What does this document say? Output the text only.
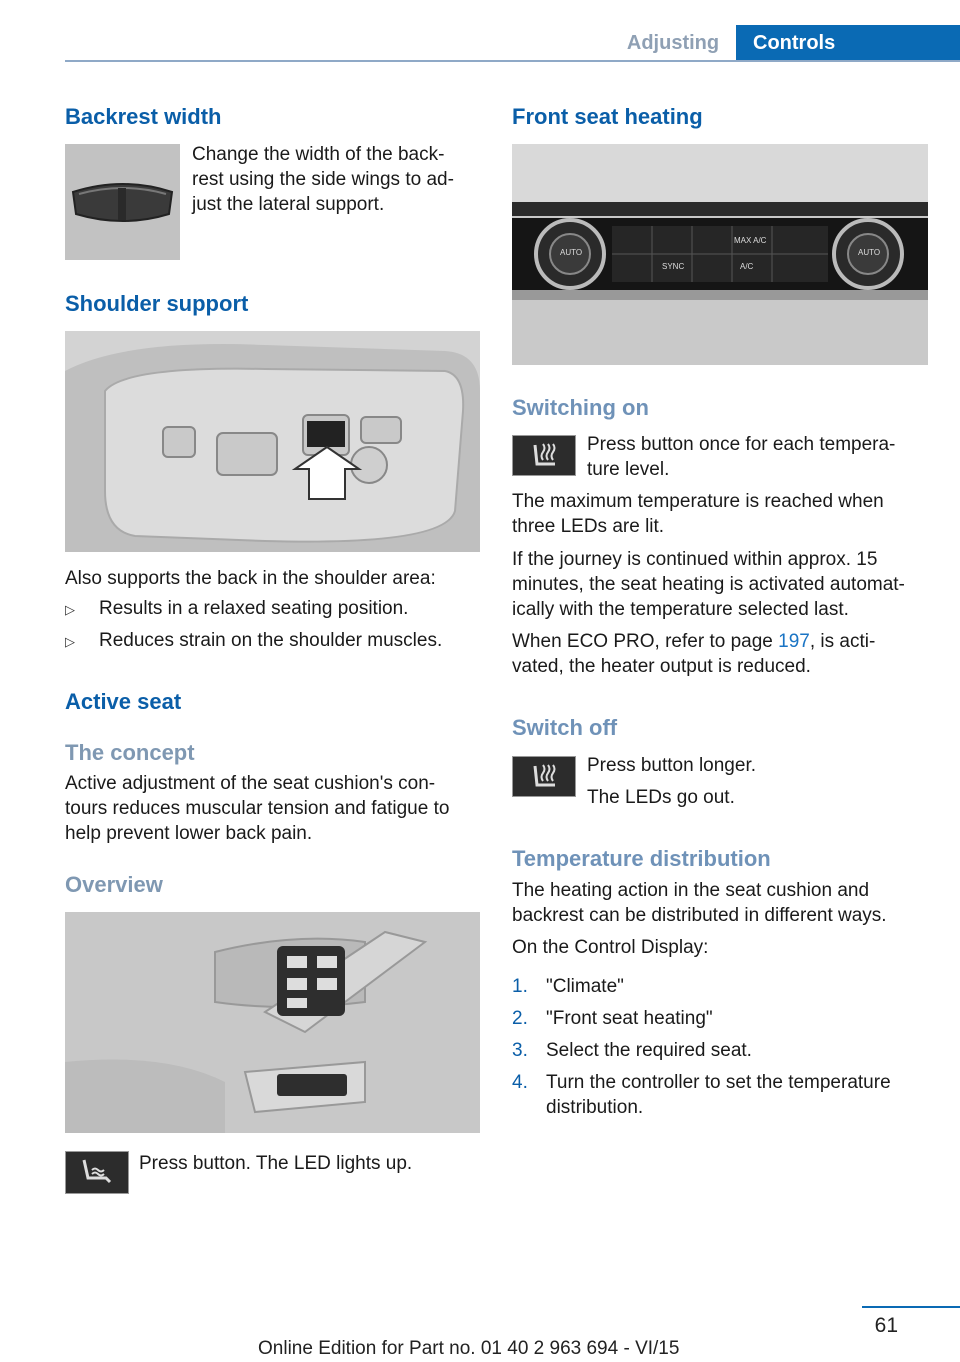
Adjusting	Controls
Backrest width

Change the width of the back‐
rest using the side wings to ad‐
just the lateral support.

Shoulder support

Also supports the back in the shoulder area:

▷	Results in a relaxed seating position.
▷	Reduces strain on the shoulder muscles.
Active seat
The concept

Active adjustment of the seat cushion's con‐
tours reduces muscular tension and fatigue to
help prevent lower back pain.

Overview

Press button. The LED lights up.

Front seat heating
AUTO
MAX A/C
AUTO
SYNC	A/C
Switching on

Press button once for each tempera‐
ture level.

The maximum temperature is reached when
three LEDs are lit.

If the journey is continued within approx. 15
minutes, the seat heating is activated automat‐
ically with the temperature selected last.

When ECO PRO, refer to page 197, is acti‐
vated, the heater output is reduced.

Switch off

Press button longer.

The LEDs go out.

Temperature distribution

The heating action in the seat cushion and
backrest can be distributed in different ways.

On the Control Display:

1. "Climate"
2. "Front seat heating"
3. Select the required seat.
4. Turn the controller to set the temperature
distribution.
61
Online Edition for Part no. 01 40 2 963 694 - VI/15
